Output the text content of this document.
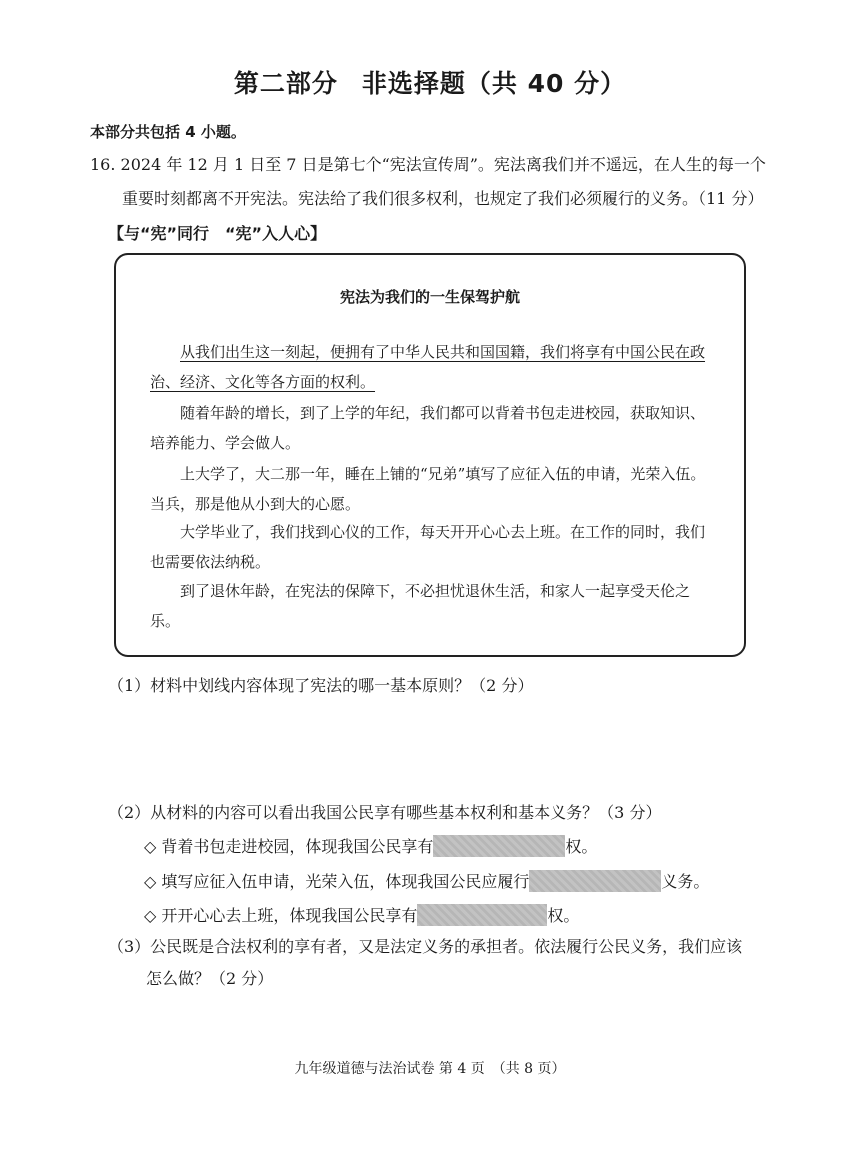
第二部分 非选择题（共 40 分）
本部分共包括 4 小题。
16. 2024 年 12 月 1 日至 7 日是第七个“宪法宣传周”。宪法离我们并不遥远，在人生的每一个
重要时刻都离不开宪法。宪法给了我们很多权利，也规定了我们必须履行的义务。（11 分）
【与“宪”同行　“宪”入人心】
宪法为我们的一生保驾护航
从我们出生这一刻起，便拥有了中华人民共和国国籍，我们将享有中国公民在政治、经济、文化等各方面的权利。
随着年龄的增长，到了上学的年纪，我们都可以背着书包走进校园，获取知识、培养能力、学会做人。
上大学了，大二那一年，睡在上铺的“兄弟”填写了应征入伍的申请，光荣入伍。当兵，那是他从小到大的心愿。
大学毕业了，我们找到心仪的工作，每天开开心心去上班。在工作的同时，我们也需要依法纳税。
到了退休年龄，在宪法的保障下，不必担忧退休生活，和家人一起享受天伦之乐。
（1）材料中划线内容体现了宪法的哪一基本原则？（2 分）
（2）从材料的内容可以看出我国公民享有哪些基本权利和基本义务？（3 分）
◇ 背着书包走进校园，体现我国公民享有	权。
◇ 填写应征入伍申请，光荣入伍，体现我国公民应履行	义务。
◇ 开开心心去上班，体现我国公民享有	权。
（3）公民既是合法权利的享有者，又是法定义务的承担者。依法履行公民义务，我们应该
怎么做？（2 分）
九年级道德与法治试卷 第 4 页　（共 8 页）
